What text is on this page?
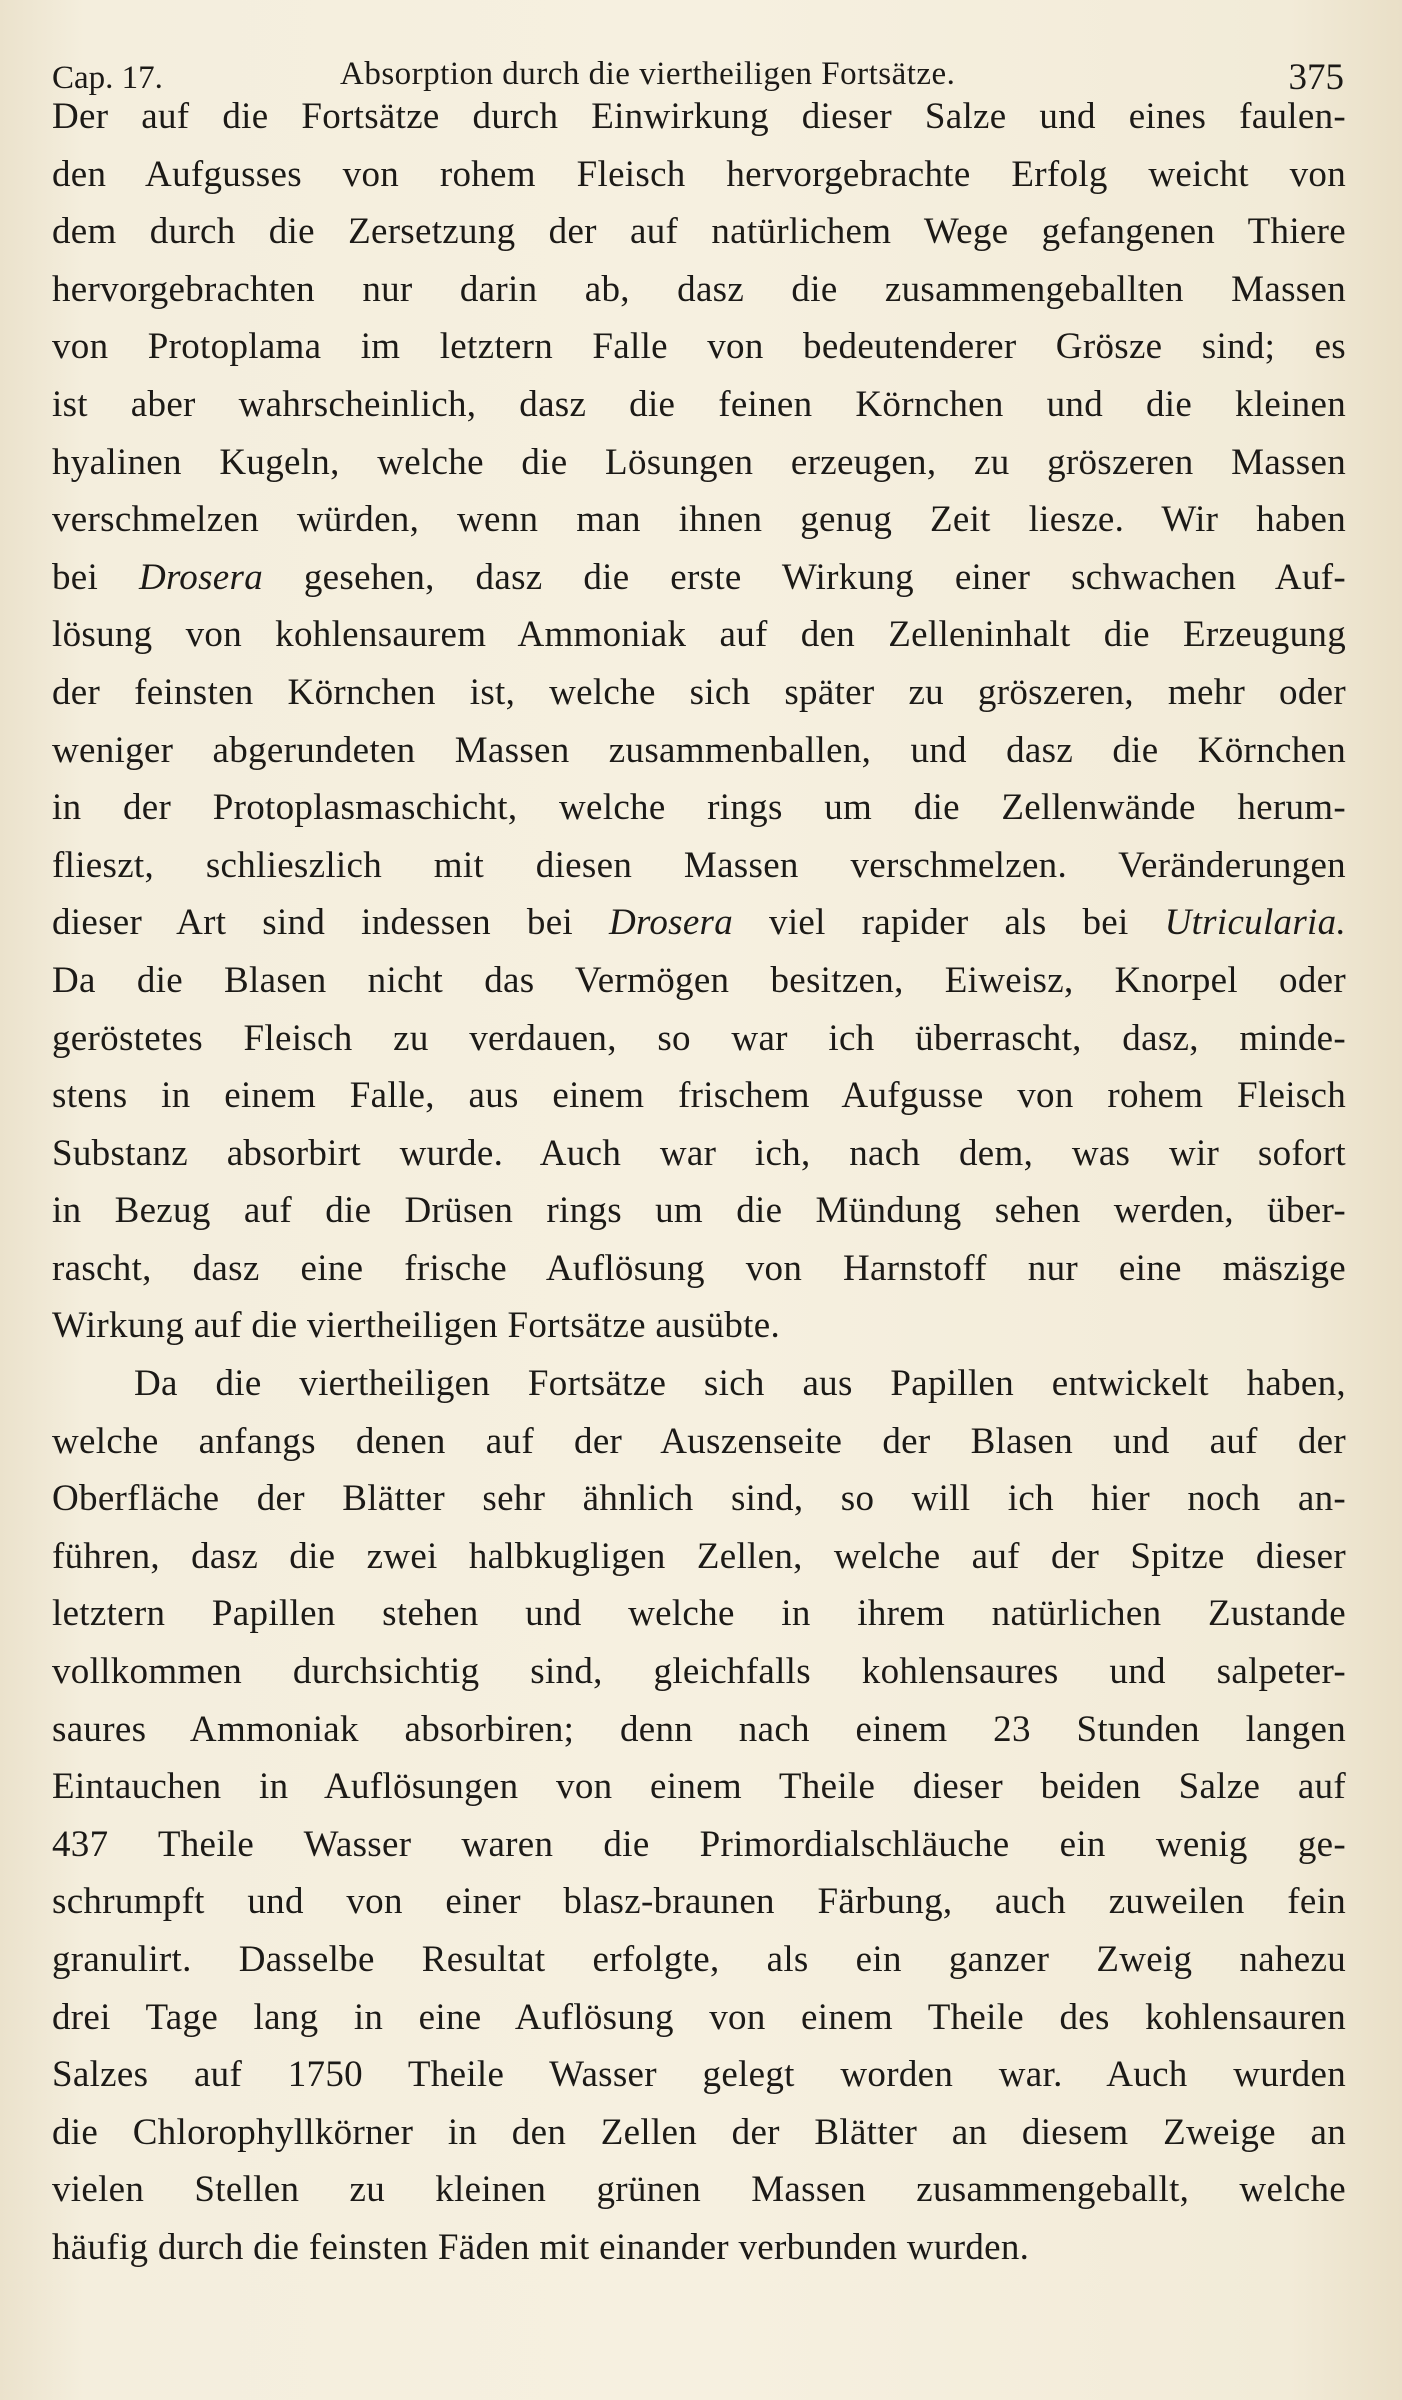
Cap. 17.	Absorption durch die viertheiligen Fortsätze.	375
Der auf die Fortsätze durch Einwirkung dieser Salze und eines faulen-
den Aufgusses von rohem Fleisch hervorgebrachte Erfolg weicht von
dem durch die Zersetzung der auf natürlichem Wege gefangenen Thiere
hervorgebrachten nur darin ab, dasz die zusammengeballten Massen
von Protoplama im letztern Falle von bedeutenderer Grösze sind; es
ist aber wahrscheinlich, dasz die feinen Körnchen und die kleinen
hyalinen Kugeln, welche die Lösungen erzeugen, zu gröszeren Massen
verschmelzen würden, wenn man ihnen genug Zeit liesze. Wir haben
bei Drosera gesehen, dasz die erste Wirkung einer schwachen Auf-
lösung von kohlensaurem Ammoniak auf den Zelleninhalt die Erzeugung
der feinsten Körnchen ist, welche sich später zu gröszeren, mehr oder
weniger abgerundeten Massen zusammenballen, und dasz die Körnchen
in der Protoplasmaschicht, welche rings um die Zellenwände herum-
flieszt, schlieszlich mit diesen Massen verschmelzen. Veränderungen
dieser Art sind indessen bei Drosera viel rapider als bei Utricularia.
Da die Blasen nicht das Vermögen besitzen, Eiweisz, Knorpel oder
geröstetes Fleisch zu verdauen, so war ich überrascht, dasz, minde-
stens in einem Falle, aus einem frischem Aufgusse von rohem Fleisch
Substanz absorbirt wurde. Auch war ich, nach dem, was wir sofort
in Bezug auf die Drüsen rings um die Mündung sehen werden, über-
rascht, dasz eine frische Auflösung von Harnstoff nur eine mäszige
Wirkung auf die viertheiligen Fortsätze ausübte.
Da die viertheiligen Fortsätze sich aus Papillen entwickelt haben,
welche anfangs denen auf der Auszenseite der Blasen und auf der
Oberfläche der Blätter sehr ähnlich sind, so will ich hier noch an-
führen, dasz die zwei halbkugligen Zellen, welche auf der Spitze dieser
letztern Papillen stehen und welche in ihrem natürlichen Zustande
vollkommen durchsichtig sind, gleichfalls kohlensaures und salpeter-
saures Ammoniak absorbiren; denn nach einem 23 Stunden langen
Eintauchen in Auflösungen von einem Theile dieser beiden Salze auf
437 Theile Wasser waren die Primordialschläuche ein wenig ge-
schrumpft und von einer blasz-braunen Färbung, auch zuweilen fein
granulirt. Dasselbe Resultat erfolgte, als ein ganzer Zweig nahezu
drei Tage lang in eine Auflösung von einem Theile des kohlensauren
Salzes auf 1750 Theile Wasser gelegt worden war. Auch wurden
die Chlorophyllkörner in den Zellen der Blätter an diesem Zweige an
vielen Stellen zu kleinen grünen Massen zusammengeballt, welche
häufig durch die feinsten Fäden mit einander verbunden wurden.
